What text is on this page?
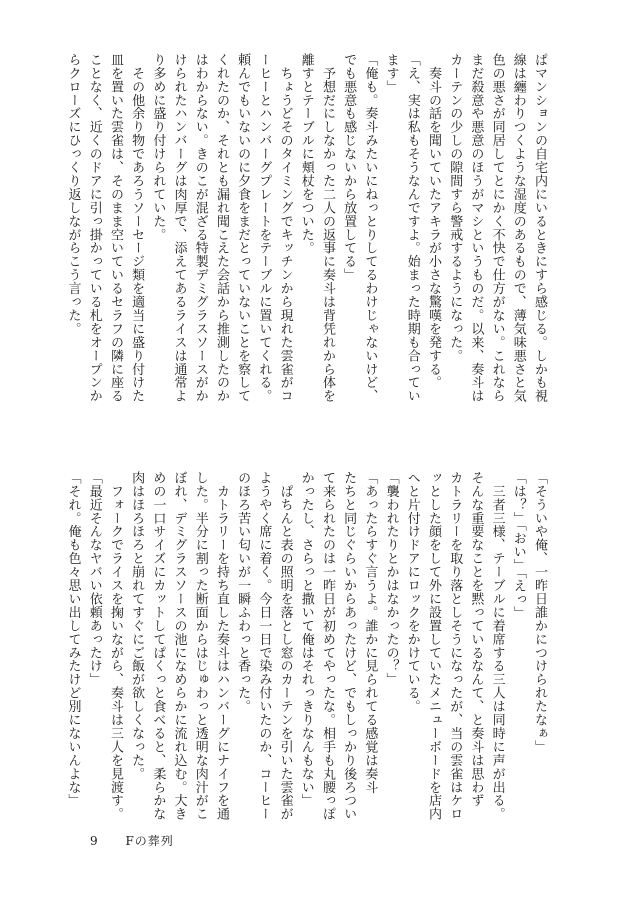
ぱマンションの自宅内にいるときにすら感じる。しかも視
線は纏わりつくような湿度のあるもので、薄気味悪さと気
色の悪さが同居してとにかく不快で仕方がない。これなら
まだ殺意や悪意のほうがマシというものだ。以来、奏斗は
カーテンの少しの隙間すら警戒するようになった。
　奏斗の話を聞いていたアキラが小さな驚嘆を発する。
「え、実は私もそうなんですよ。始まった時期も合ってい
ます」
「俺も。奏斗みたいにねっとりしてるわけじゃないけど、
でも悪意も感じないから放置してる」
　予想だにしなかった二人の返事に奏斗は背凭れから体を
離すとテーブルに頬杖をついた。
　ちょうどそのタイミングでキッチンから現れた雲雀がコ
ーヒーとハンバーグプレートをテーブルに置いてくれる。
頼んでもいないのに夕食をまだとっていないことを察して
くれたのか、それとも漏れ聞こえた会話から推測したのか
はわからない。きのこが混ざる特製デミグラスソースがか
けられたハンバーグは肉厚で、添えてあるライスは通常よ
り多めに盛り付けられていた。
　その他余り物であろうソーセージ類を適当に盛り付けた
皿を置いた雲雀は、そのまま空いているセラフの隣に座る
ことなく、近くのドアに引っ掛かっている札をオープンか
らクローズにひっくり返しながらこう言った。
「そういや俺、一昨日誰かにつけられたなぁ」
「は？」「おい」「えっ」
　三者三様、テーブルに着席する三人は同時に声が出る。
そんな重要なことを黙っているなんて、と奏斗は思わず
カトラリーを取り落としそうになったが、当の雲雀はケロ
ッとした顔をして外に設置していたメニューボードを店内
へと片付けドアにロックをかけている。
「襲われたりとかはなかったの？」
「あったらすぐ言うよ。誰かに見られてる感覚は奏斗
たちと同じぐらいからあったけど、でもしっかり後ろつい
て来られたのは一昨日が初めてやったな。相手も丸腰っぽ
かったし、さらっと撒いて俺はそれっきりなんもない」
　ぱちんと表の照明を落とし窓のカーテンを引いた雲雀が
ようやく席に着く。今日一日で染み付いたのか、コーヒー
のほろ苦い匂いが一瞬ふわっと香った。
　カトラリーを持ち直した奏斗はハンバーグにナイフを通
した。半分に割った断面からはじゅわっと透明な肉汁がこ
ぼれ、デミグラスソースの池になめらかに流れ込む。大き
めの一口サイズにカットしてぱくっと食べると、柔らかな
肉はほろほろと崩れてすぐにご飯が欲しくなった。
　フォークでライスを掬いながら、奏斗は三人を見渡す。
「最近そんなヤバい依頼あったけ」
「それ。俺も色々思い出してみたけど別にないんよな」
9 Fの葬列
